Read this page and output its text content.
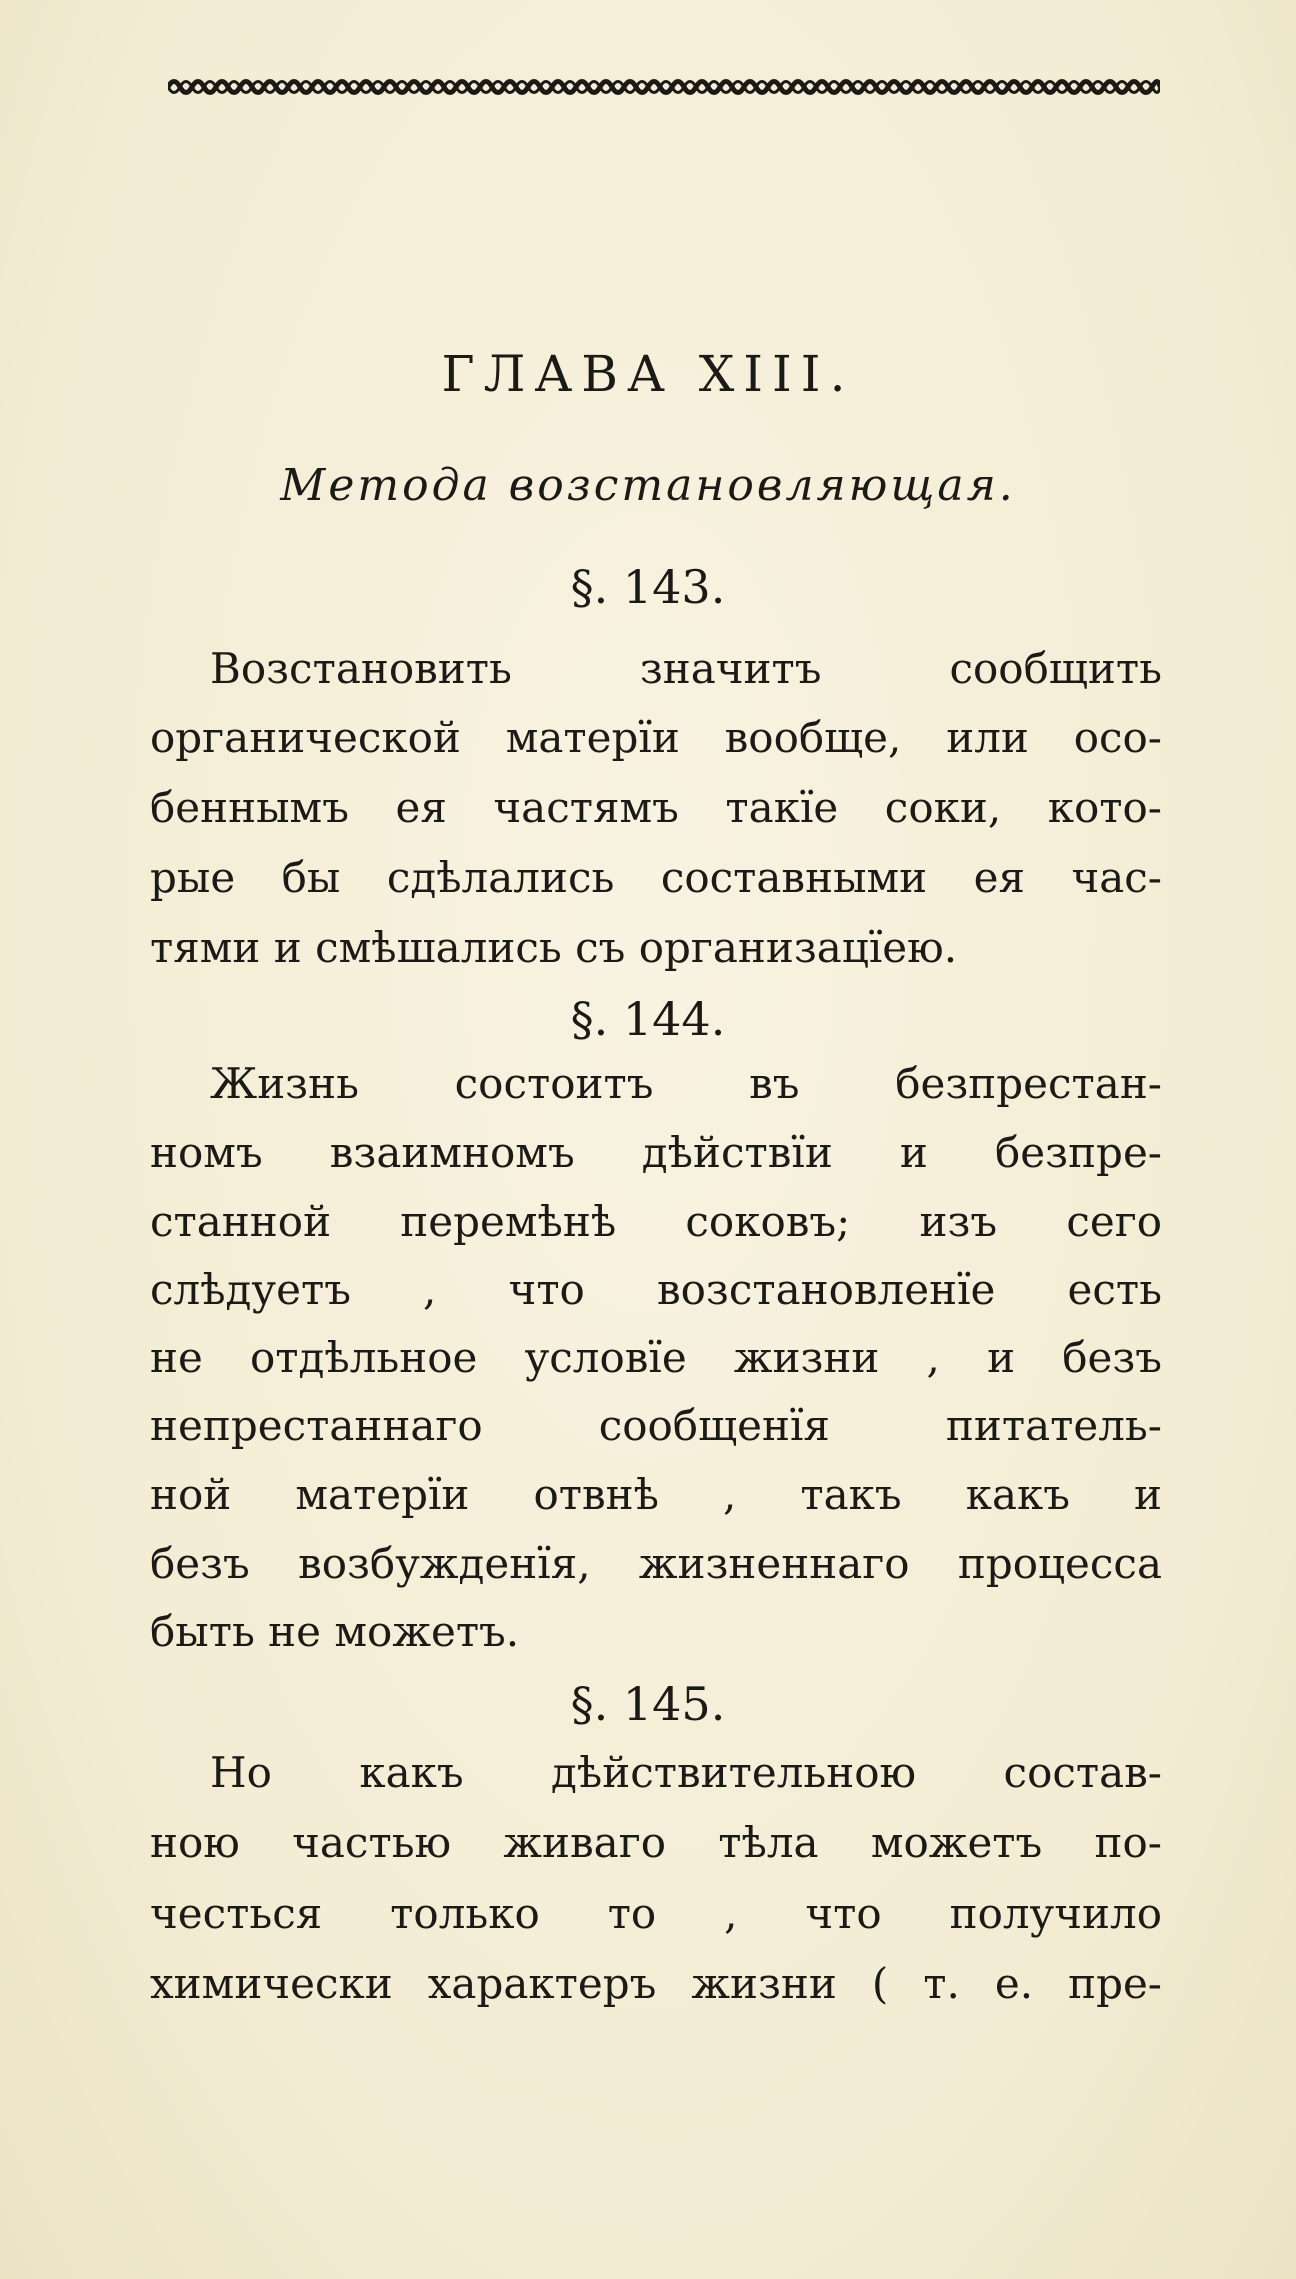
ГЛАВА XIII.
Метода возстановляющая.
§. 143.
Возстановить значитъ сообщить
органической матерїи вообще, или осо-
беннымъ ея частямъ такїе соки, кото-
рые бы сдѣлались составными ея час-
тями и смѣшались съ организацїею.
§. 144.
Жизнь состоитъ въ безпрестан-
номъ взаимномъ дѣйствїи и безпре-
станной перемѣнѣ соковъ; изъ сего
слѣдуетъ , что возстановленїе есть
не отдѣльное условїе жизни , и безъ
непрестаннаго сообщенїя питатель-
ной матерїи отвнѣ , такъ какъ и
безъ возбужденїя, жизненнаго процесса
быть не можетъ.
§. 145.
Но какъ дѣйствительною состав-
ною частью живаго тѣла можетъ по-
честься только то , что получило
химически характеръ жизни ( т. е. пре-
